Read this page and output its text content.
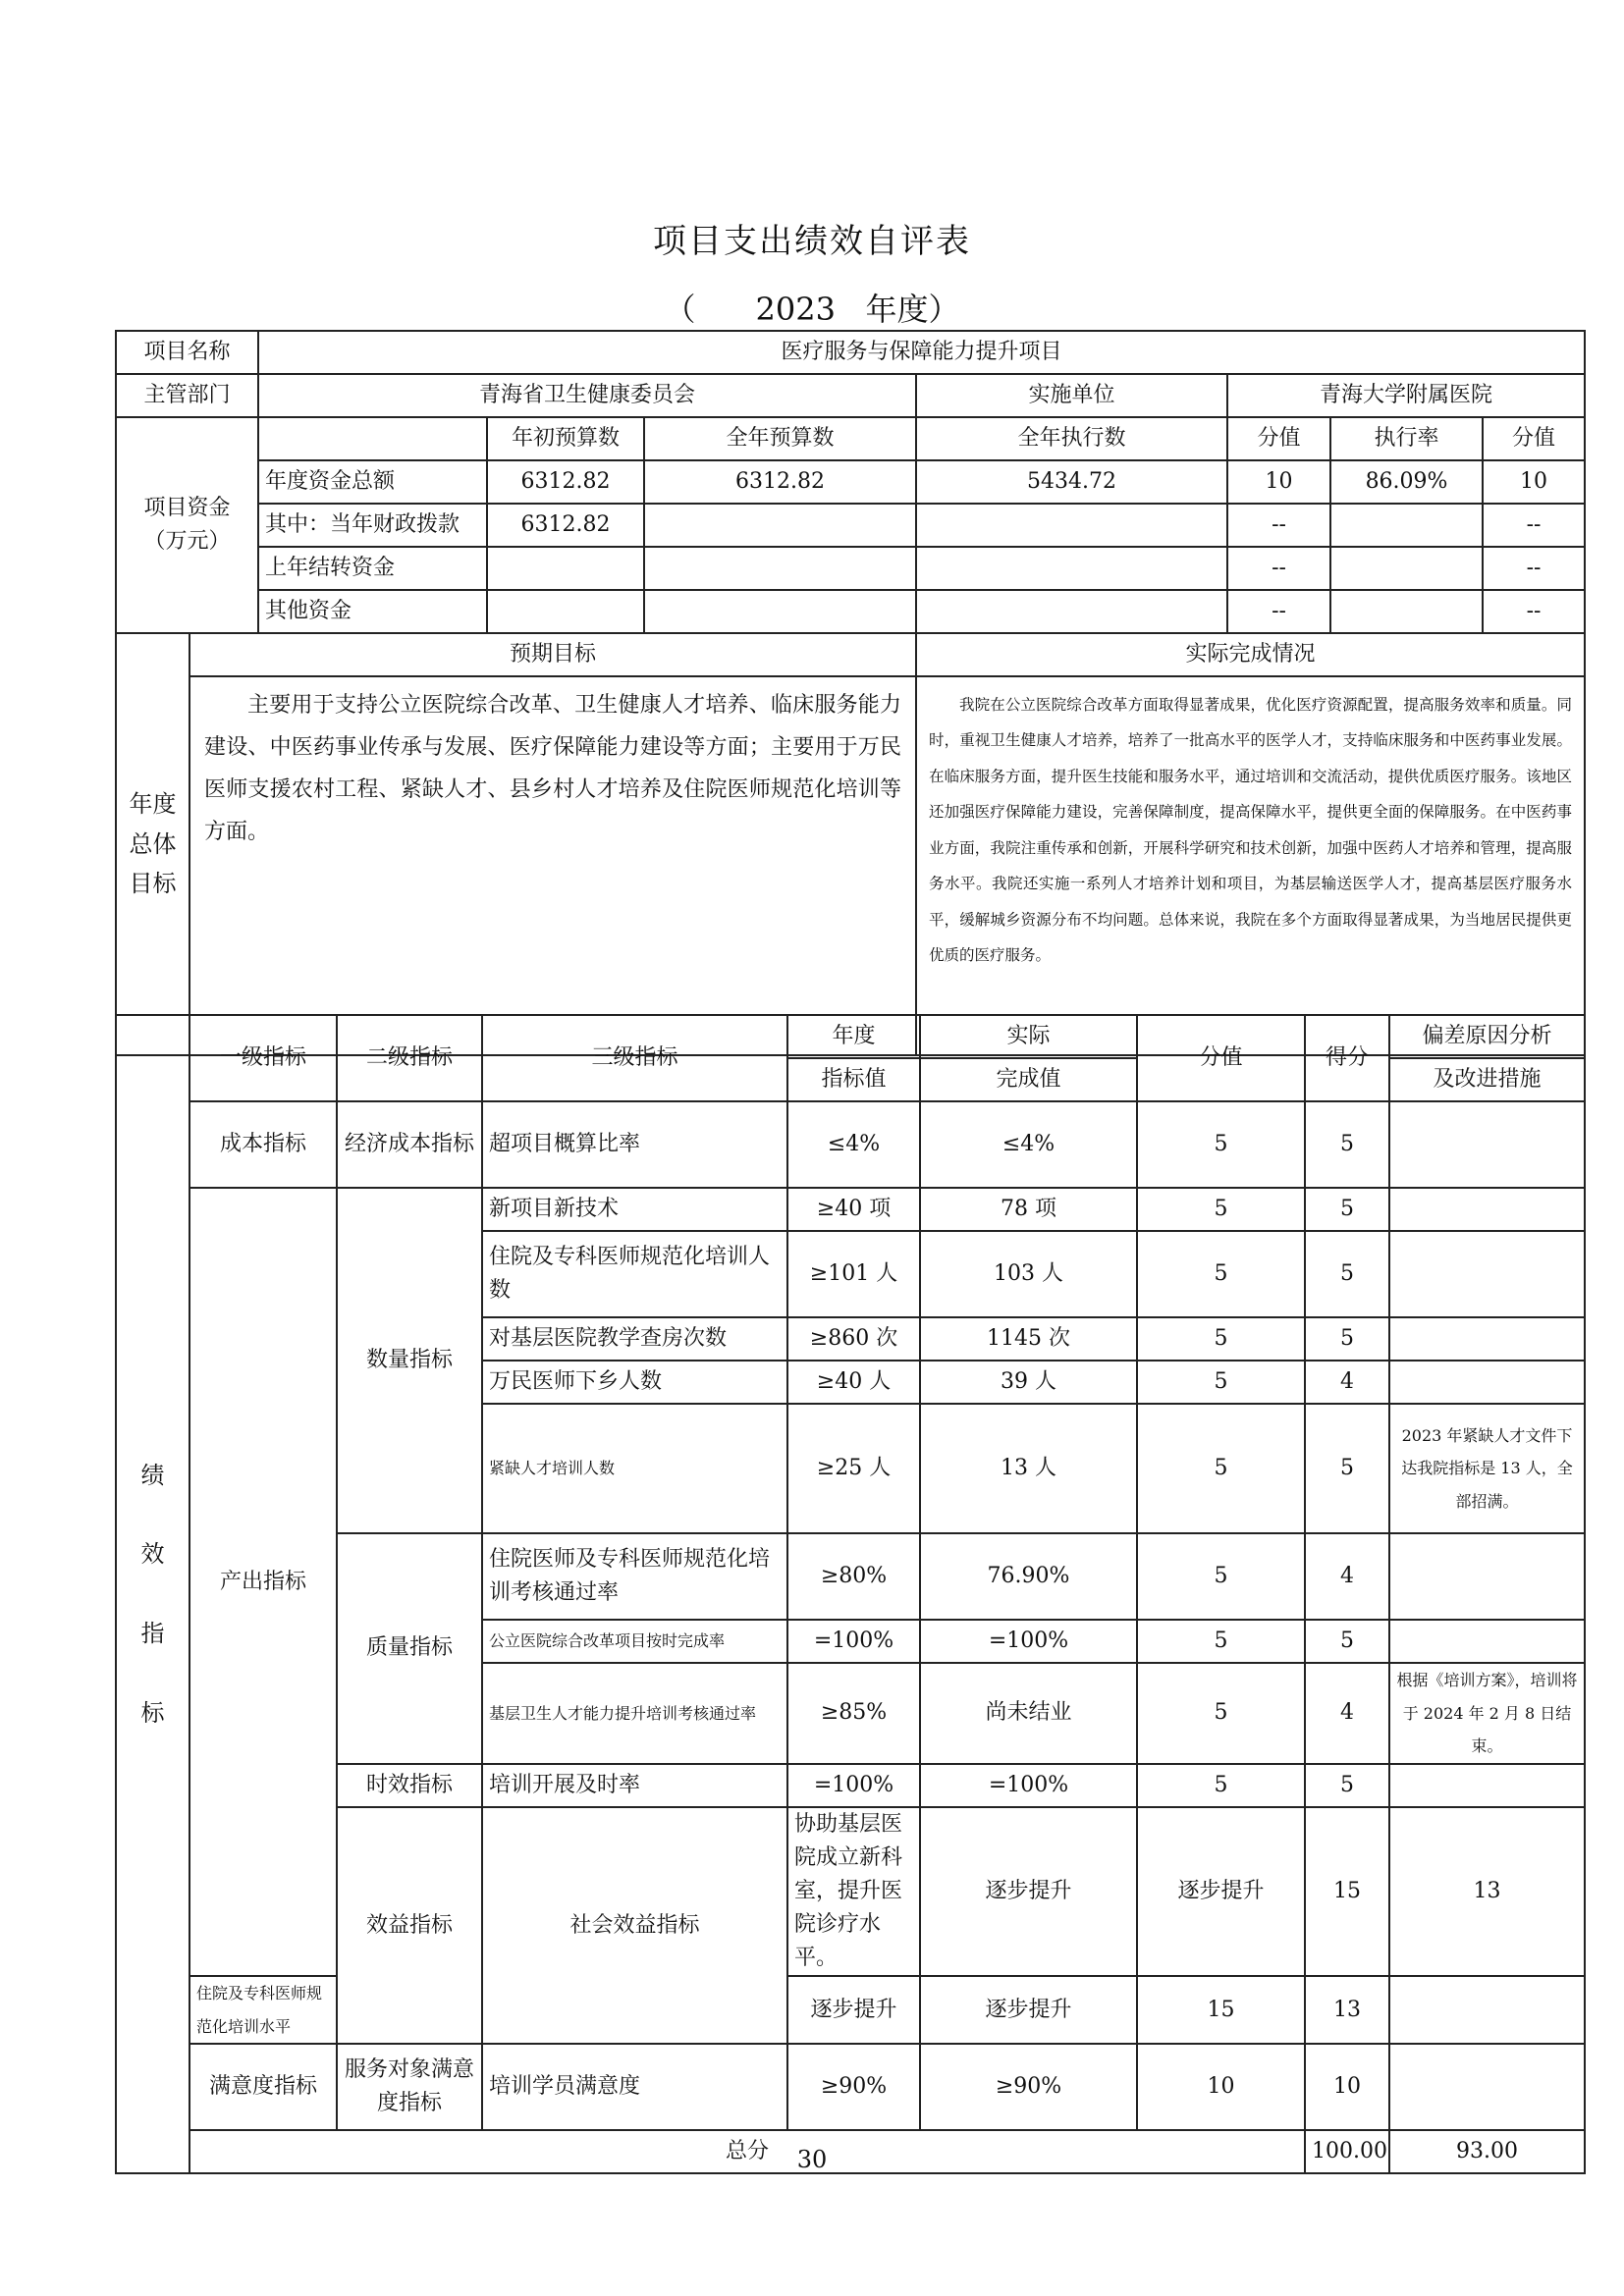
项目支出绩效自评表
（      2023   年度）
项目名称		医疗服务与保障能力提升项目						
主管部门		青海省卫生健康委员会			实施单位	青海大学附属医院		

项目资金
（万元）			年初预算数	全年预算数	全年执行数	分值	执行率	分值
		年度资金总额	6312.82	6312.82	5434.72	10	86.09%	10
		其中：当年财政拨款	6312.82			--		--
		上年结转资金				--		--
		其他资金				--		--

年度
总体
目标	预期目标				实际完成情况			
	主要用于支持公立医院综合改革、卫生健康人才培养、临床服务能力建设、中医药事业传承与发展、医疗保障能力建设等方面；主要用于万民医师支援农村工程、紧缺人才、县乡村人才培养及住院医师规范化培训等方面。				我院在公立医院综合改革方面取得显著成果，优化医疗资源配置，提高服务效率和质量。同时，重视卫生健康人才培养，培养了一批高水平的医学人才，支持临床服务和中医药事业发展。在临床服务方面，提升医生技能和服务水平，通过培训和交流活动，提供优质医疗服务。该地区还加强医疗保障能力建设，完善保障制度，提高保障水平，提供更全面的保障服务。在中医药事业方面，我院注重传承和创新，开展科学研究和技术创新，加强中医药人才培养和管理，提高服务水平。我院还实施一系列人才培养计划和项目，为基层输送医学人才，提高基层医疗服务水平，缓解城乡资源分布不均问题。总体来说，我院在多个方面取得显著成果，为当地居民提供更优质的医疗服务。			
绩
效
指
标	一级指标	二级指标	三级指标	年度	实际	分值	得分	偏差原因分析	
				指标值	完成值			及改进措施	
	成本指标	经济成本指标	超项目概算比率	≤4%	≤4%	5	5		
	产出指标	数量指标	新项目新技术	≥40 项	78 项	5	5		
			住院及专科医师规范化培训人数	≥101 人	103 人	5	5		
			对基层医院教学查房次数	≥860 次	1145 次	5	5		
			万民医师下乡人数	≥40 人	39 人	5	4		
			紧缺人才培训人数	≥25 人	13 人	5	5	2023 年紧缺人才文件下达我院指标是 13 人，全部招满。	
		质量指标	住院医师及专科医师规范化培训考核通过率	≥80%	76.90%	5	4		
			公立医院综合改革项目按时完成率	=100%	=100%	5	5		
			基层卫生人才能力提升培训考核通过率	≥85%	尚未结业	5	4	根据《培训方案》，培训将于 2024 年 2 月 8 日结束。	
		时效指标	培训开展及时率	=100%	=100%	5	5		
		效益指标	社会效益指标	协助基层医院成立新科室，提升医院诊疗水平。	逐步提升	逐步提升	15	13	
	住院及专科医师规范化培训水平			逐步提升	逐步提升	15	13		
	满意度指标	服务对象满意度指标	培训学员满意度	≥90%	≥90%	10	10		
	总分						100.00	93.00	
30
